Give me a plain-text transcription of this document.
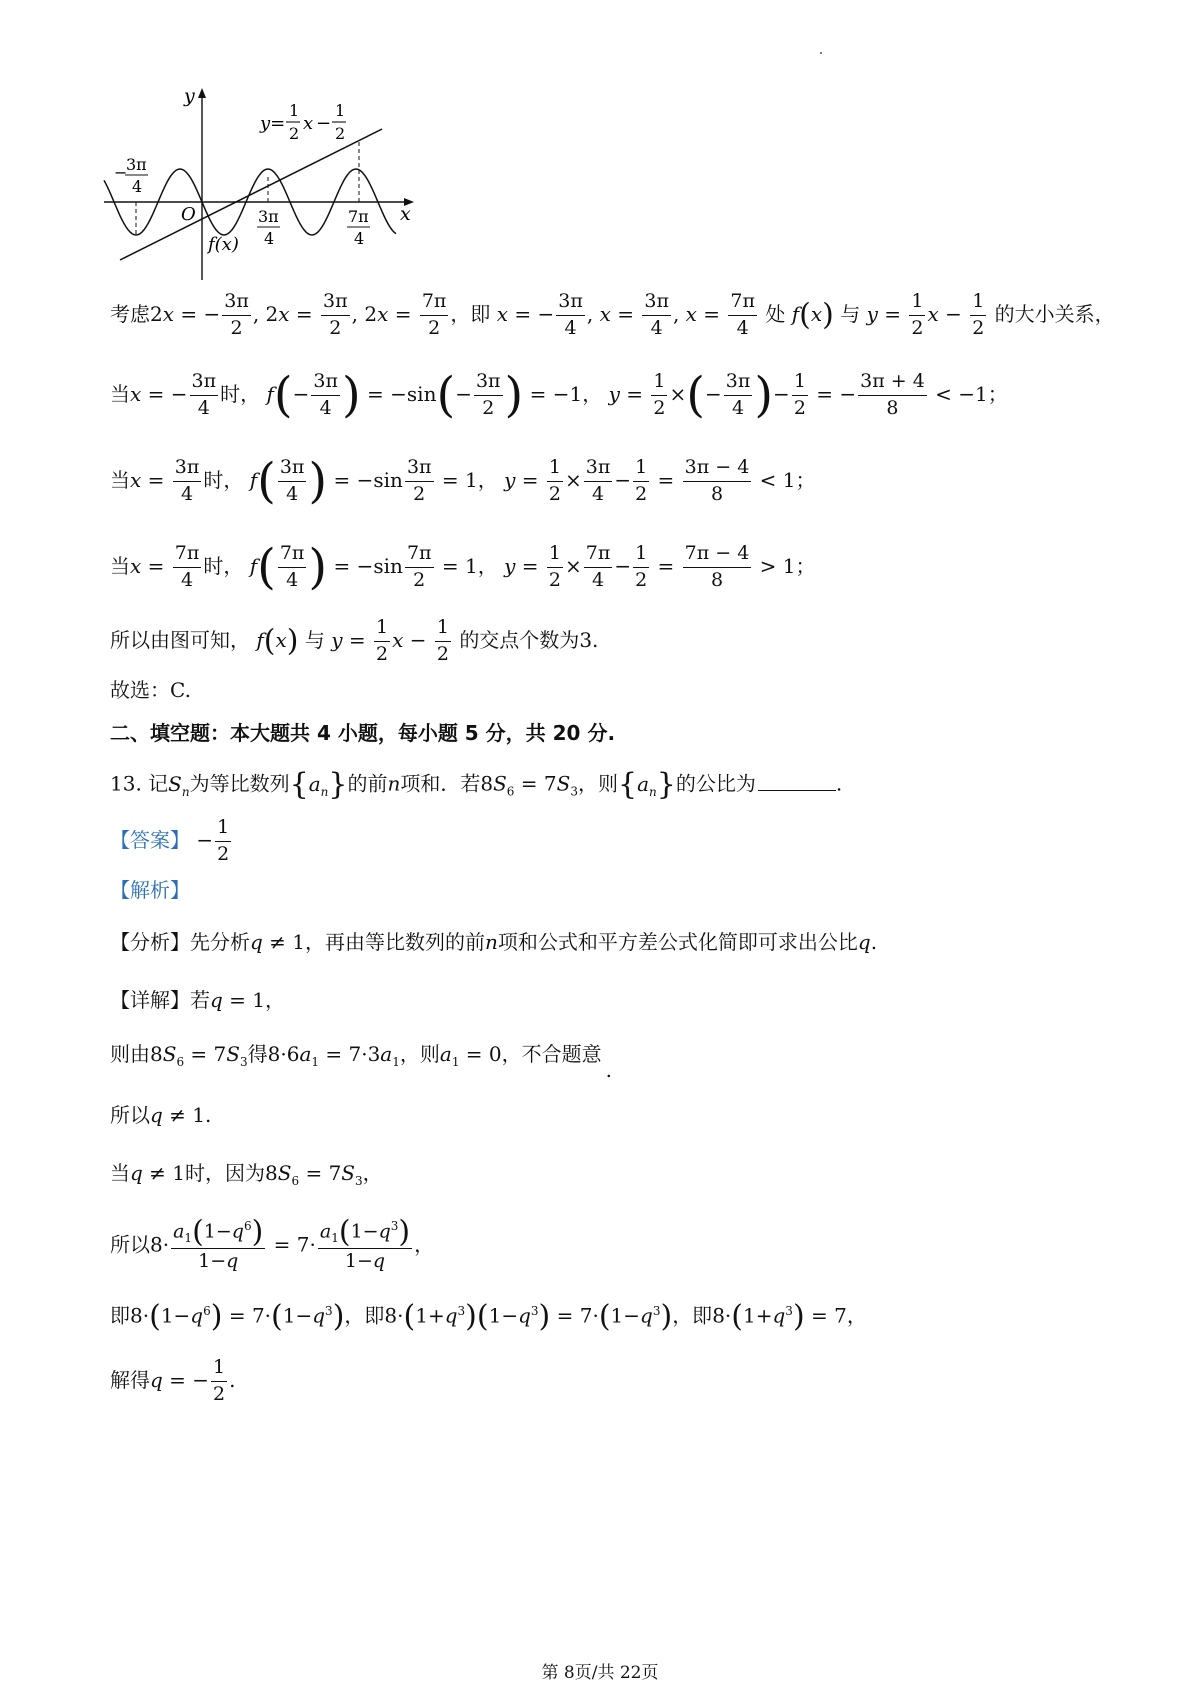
y
x
O
f(x)
y=
1
2 x −
1
2
−
3π
4
3π
4
7π
4
考虑2x = − $\frac{3\pi}{2}$ , $2x = \frac{3\pi}{2}$ , $2x = \frac{7\pi}{2}$ ，即 x = − $\frac{3\pi}{4}$ , $x = \frac{3\pi}{4}$ , $x = \frac{7\pi}{4}$ 处 f(x) 与 $y = \frac{1}{2}$ $x - \frac{1}{2}$ 的大小关系，
当x = − $\frac{3\pi}{4}$ 时， $f(- \frac{3\pi}{4}$ ) = $-\sin(- \frac{3\pi}{2}$ ) = −1， $y = \frac{1}{2}$ ×(− $\frac{3\pi}{4}$ )− $\frac{1}{2}$ = − $\frac{3\pi + 4}{8} < -1$；
当$x = \frac{3\pi}{4}$ 时， $f( \frac{3\pi}{4}$ ) = $-\sin \frac{3\pi}{2} = 1$， $y = \frac{1}{2} \times \frac{3\pi}{4} - \frac{1}{2} = \frac{3\pi - 4}{8} < 1$；
当$x = \frac{7\pi}{4}$ 时， $f( \frac{7\pi}{4}$ ) = $-\sin \frac{7\pi}{2} = 1$， $y = \frac{1}{2} \times \frac{7\pi}{4} - \frac{1}{2} = \frac{7\pi - 4}{8} > 1$；
所以由图可知， f(x) 与 $y = \frac{1}{2}$ $x - \frac{1}{2}$ 的交点个数为3.
故选：C.
二、填空题：本大题共 4 小题，每小题 5 分，共 20 分.
13. 记$S_n$为等比数列$\{a_n\}$的前n项和．若$8S_6 = 7S_3$，则$\{a_n\}$的公比为	.
【答案】 − $\frac{1}{2}$
【解析】
【分析】先分析q ≠ 1，再由等比数列的前n项和公式和平方差公式化简即可求出公比q.
【详解】若q = 1，
则由$8S_6 = 7S_3$得$8\cdot 6a_1 = 7\cdot 3a_1$，则$a_1 = 0$，不合题意.
所以q ≠ 1.
当q ≠ 1时，因为$8S_6 = 7S_3$，
所以$8\cdot \frac{a_1(1-q^6)}{1-q} = 7\cdot \frac{a_1(1-q^3)}{1-q}$ ，
即$8\cdot(1-q^6) = 7\cdot(1-q^3)$，即$8\cdot(1+q^3)(1-q^3) = 7\cdot(1-q^3)$，即$8\cdot(1+q^3) = 7$，
解得q = − $\frac{1}{2}$ .
第 8页/共 22页
